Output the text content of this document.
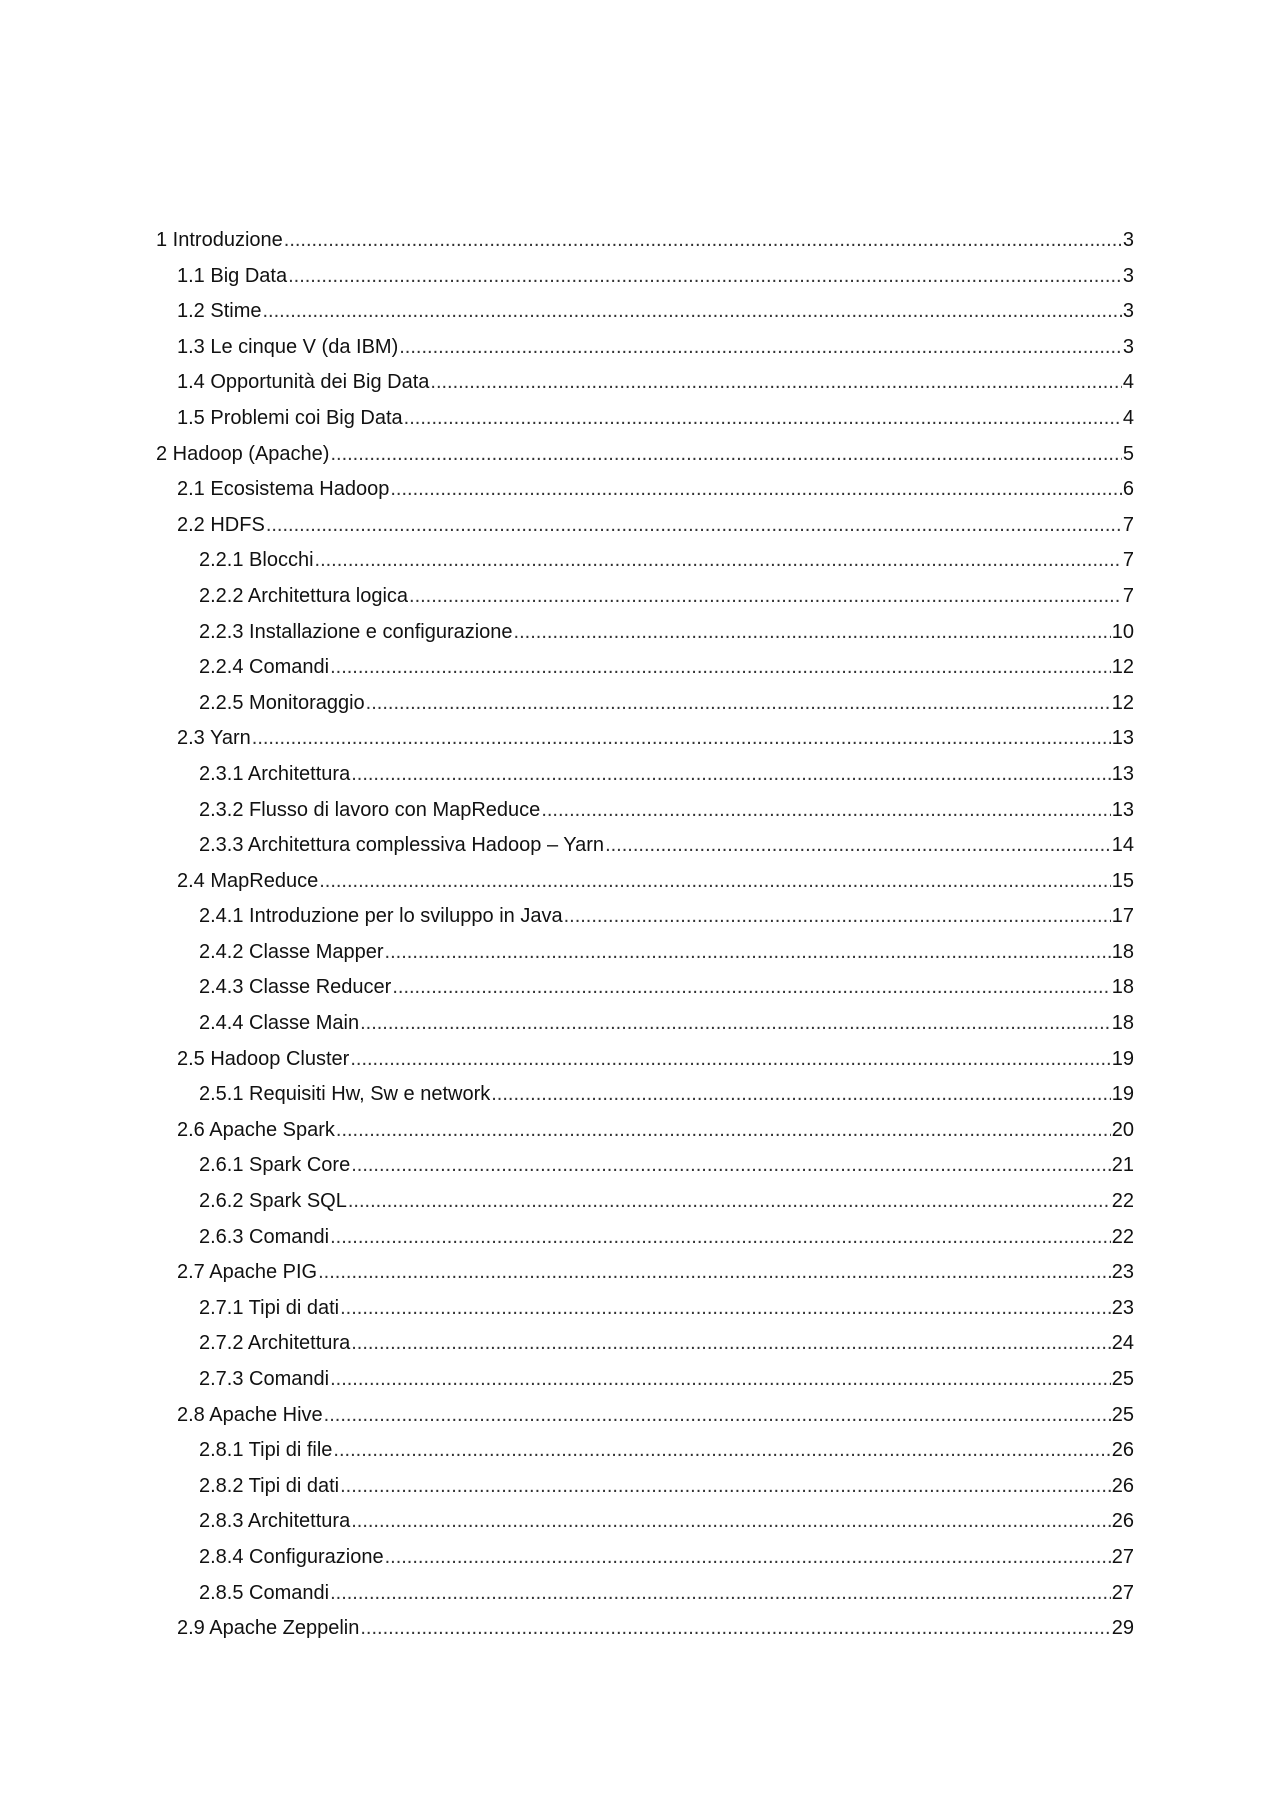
1 Introduzione .....	3
1.1 Big Data .....	3
1.2 Stime .....	3
1.3 Le cinque V (da IBM) .....	3
1.4 Opportunità dei Big Data .....	4
1.5 Problemi coi Big Data .....	4
2 Hadoop (Apache) .....	5
2.1 Ecosistema Hadoop .....	6
2.2 HDFS .....	7
2.2.1 Blocchi .....	7
2.2.2 Architettura logica .....	7
2.2.3 Installazione e configurazione .....	10
2.2.4 Comandi .....	12
2.2.5 Monitoraggio .....	12
2.3 Yarn .....	13
2.3.1 Architettura .....	13
2.3.2 Flusso di lavoro con MapReduce .....	13
2.3.3 Architettura complessiva Hadoop – Yarn .....	14
2.4 MapReduce .....	15
2.4.1 Introduzione per lo sviluppo in Java .....	17
2.4.2 Classe Mapper .....	18
2.4.3 Classe Reducer .....	18
2.4.4 Classe Main .....	18
2.5 Hadoop Cluster .....	19
2.5.1 Requisiti Hw, Sw e network .....	19
2.6 Apache Spark .....	20
2.6.1 Spark Core .....	21
2.6.2 Spark SQL .....	22
2.6.3 Comandi .....	22
2.7 Apache PIG .....	23
2.7.1 Tipi di dati .....	23
2.7.2 Architettura .....	24
2.7.3 Comandi .....	25
2.8 Apache Hive .....	25
2.8.1 Tipi di file .....	26
2.8.2 Tipi di dati .....	26
2.8.3 Architettura .....	26
2.8.4 Configurazione .....	27
2.8.5 Comandi .....	27
2.9 Apache Zeppelin .....	29
